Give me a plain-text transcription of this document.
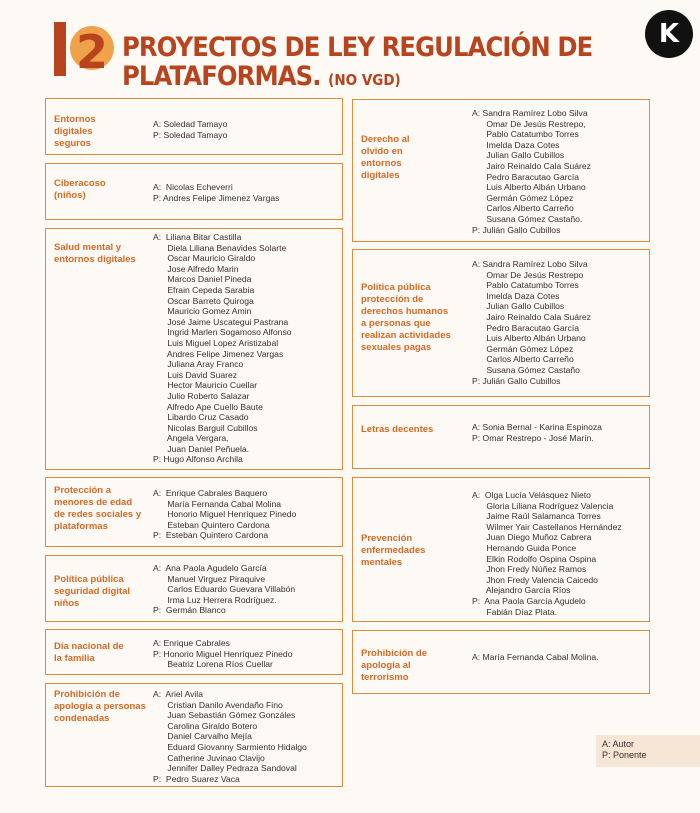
2 PROYECTOS DE LEY REGULACIÓN DE
PLATAFORMAS. (NO VGD)
K
Entornos digitales seguros
A: Soledad Tamayo
P: Soledad Tamayo
Ciberacoso (niños)
A:  Nicolas Echeverri
P: Andres Felipe Jimenez Vargas
Salud mental y entornos digitales
A:  Liliana Bitar Castilla
Diela Liliana Benavides Solarte
Oscar Mauricio Giraldo
Jose Alfredo Marin
Marcos Daniel Pineda
Efrain Cepeda Sarabia
Oscar Barreto Quiroga
Mauricio Gomez Amin
José Jaime Uscategui Pastrana
Ingrid Marlen Sogamoso Alfonso
Luis Miguel Lopez Aristizabal
Andres Felipe Jimenez Vargas
Juliana Aray Franco
Luis David Suarez
Hector Mauricio Cuellar
Julio Roberto Salazar
Alfredo Ape Cuello Baute
Libardo Cruz Casado
Nicolas Barguil Cubillos
Angela Vergara,
Juan Daniel Peñuela.
P: Hugo Alfonso Archila
Protección a menores de edad de redes sociales y plataformas
A:  Enrique Cabrales Baquero
María Fernanda Cabal Molina
Honorio Miguel Henríquez Pinedo
Esteban Quintero Cardona
P:  Esteban Quintero Cardona
Política pública seguridad digital niños
A:  Ana Paola Agudelo García
Manuel Virguez Piraquive
Carlos Eduardo Guevara Villabón
Irma Luz Herrera Rodríguez.
P:  Germán Blanco
Día nacional de la familia
A: Enrique Cabrales
P: Honorio Miguel Henríquez Pinedo
Beatriz Lorena Ríos Cuellar
Prohibición de apología a personas condenadas
A:  Ariel Avila
Cristian Danilo Avendaño Fino
Juan Sebastián Gómez Gonzáles
Carolina Giraldo Botero
Daniel Carvalho Mejía
Eduard Giovanny Sarmiento Hidalgo
Catherine Juvinao Clavijo
Jennifer Dalley Pedraza Sandoval
P:  Pedro Suarez Vaca
Derecho al olvido en entornos digitales
A: Sandra Ramírez Lobo Silva
Omar De Jesús Restrepo,
Pablo Catatumbo Torres
Imelda Daza Cotes
Julian Gallo Cubillos
Jairo Reinaldo Cala Suárez
Pedro Baracutao García
Luis Alberto Albán Urbano
Germán Gómez López
Carlos Alberto Carreño
Susana Gómez Castaño.
P: Julián Gallo Cubillos
Política pública protección de derechos humanos a personas que realizan actividades sexuales pagas
A: Sandra Ramírez Lobo Silva
Omar De Jesús Restrepo
Pablo Catatumbo Torres
Imelda Daza Cotes
Julian Gallo Cubillos
Jairo Reinaldo Cala Suárez
Pedro Baracutao García
Luis Alberto Albán Urbano
Germán Gómez López
Carlos Alberto Carreño
Susana Gómez Castaño
P: Julián Gallo Cubillos
Letras decentes	A: Sonia Bernal - Karina Espinoza
P: Omar Restrepo - José Marín.
Prevención enfermedades mentales
A:  Olga Lucía Velásquez Nieto
Gloria Liliana Rodríguez Valencia
Jaime Raúl Salamanca Torres
Wilmer Yair Castellanos Hernández
Juan Diego Muñoz Cabrera
Hernando Guida Ponce
Elkin Rodolfo Ospina Ospina
Jhon Fredy Núñez Ramos
Jhon Fredy Valencia Caicedo
Alejandro García Ríos
P:  Ana Paola García Agudelo
Fabián Díaz Plata.
Prohibición de apología al terrorismo
A: María Fernanda Cabal Molina.
A: Autor
P: Ponente
